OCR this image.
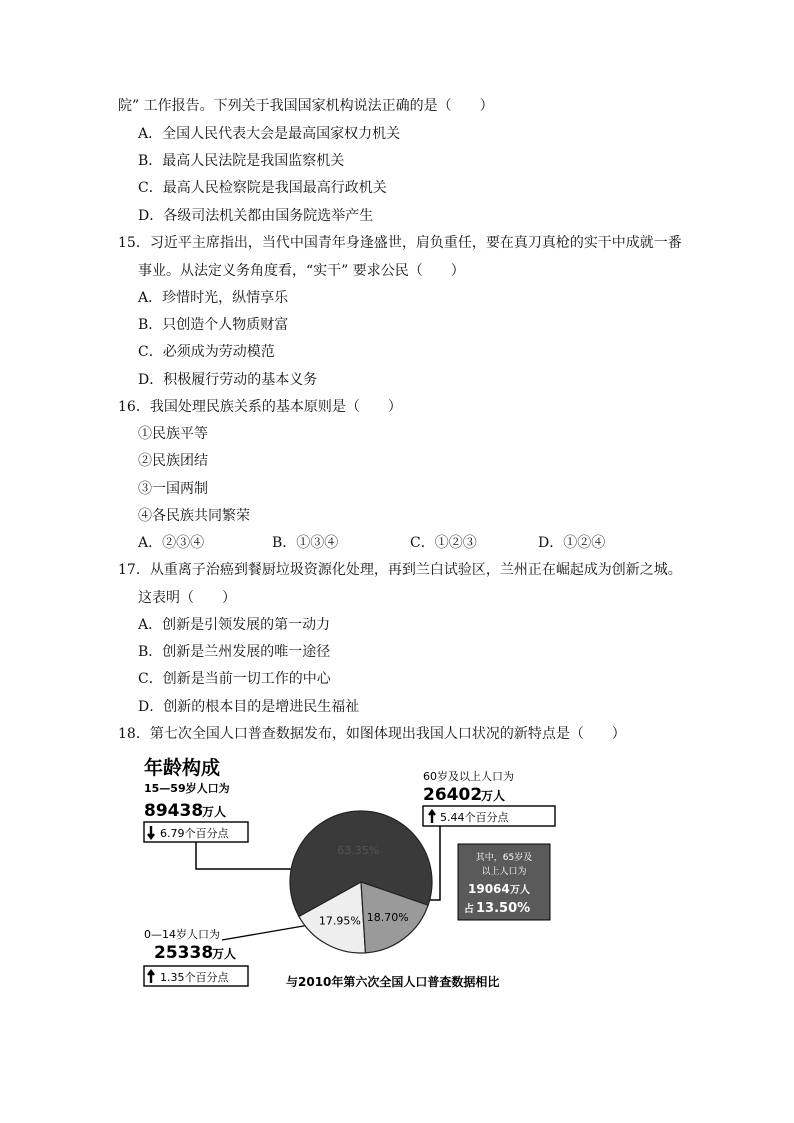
院” 工作报告。下列关于我国国家机构说法正确的是（　　）
A．全国人民代表大会是最高国家权力机关
B．最高人民法院是我国监察机关
C．最高人民检察院是我国最高行政机关
D．各级司法机关都由国务院选举产生
15．习近平主席指出，当代中国青年身逢盛世，肩负重任，要在真刀真枪的实干中成就一番
事业。从法定义务角度看，“实干” 要求公民（　　）
A．珍惜时光，纵情享乐
B．只创造个人物质财富
C．必须成为劳动模范
D．积极履行劳动的基本义务
16．我国处理民族关系的基本原则是（　　）
①民族平等
②民族团结
③一国两制
④各民族共同繁荣
A．②③④	B．①③④	C．①②③	D．①②④
17．从重离子治癌到餐厨垃圾资源化处理，再到兰白试验区，兰州正在崛起成为创新之城。
这表明（　　）
A．创新是引领发展的第一动力
B．创新是兰州发展的唯一途径
C．创新是当前一切工作的中心
D．创新的根本目的是增进民生福祉
18．第七次全国人口普查数据发布，如图体现出我国人口状况的新特点是（　　）
年龄构成
15—59岁人口为
89438
万人
6.79个百分点
60岁及以上人口为
26402
万人
5.44个百分点
其中，65岁及
以上人口为
19064 万人
占 13.50%
0—14岁人口为
25338
万人
1.35个百分点
17.95%
63.35%
18.70%
与2010年第六次全国人口普查数据相比
